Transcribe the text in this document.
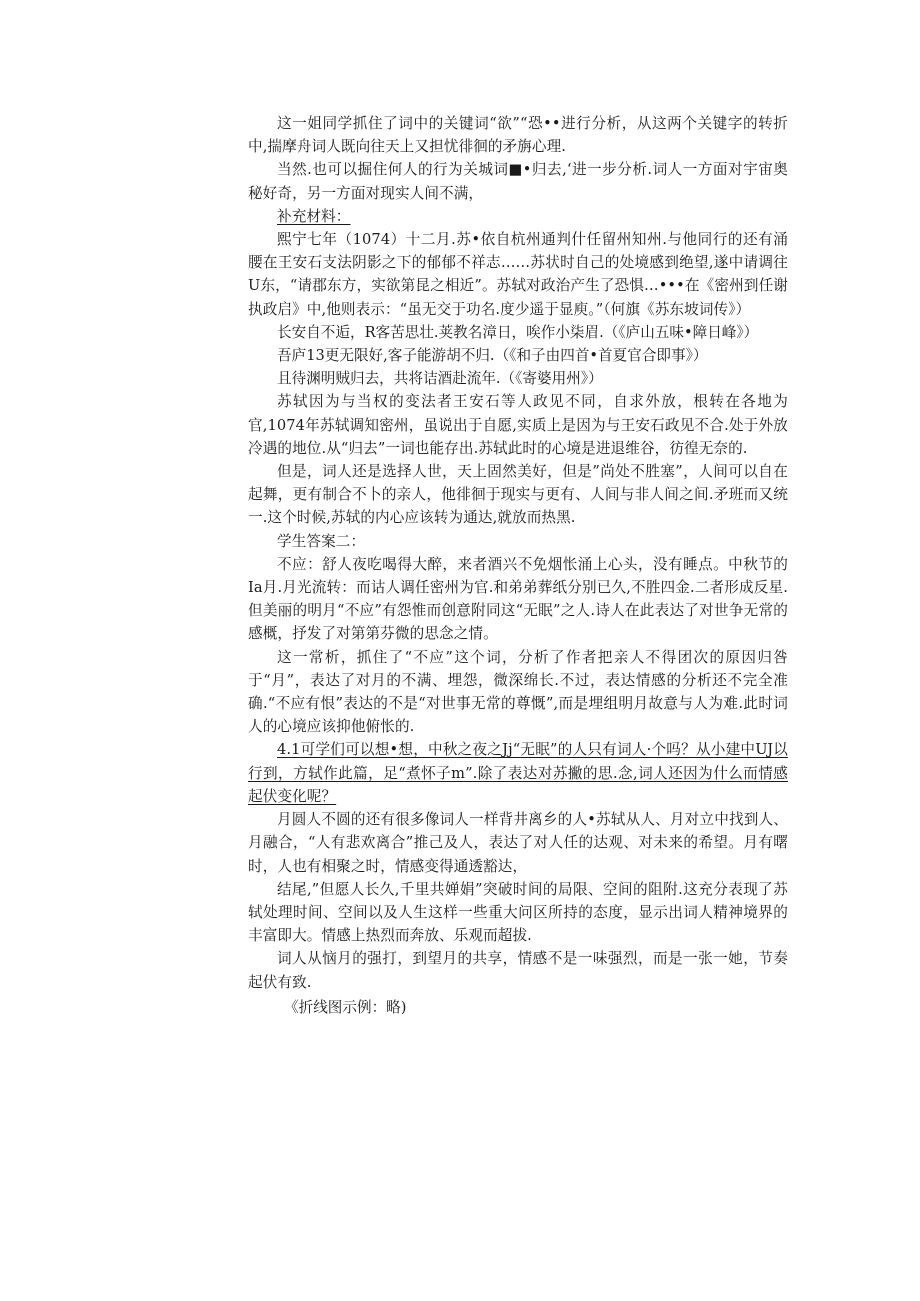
这一姐同学抓住了词中的关键词“欲”“恐••进行分析，从这两个关键字的转折中,揣摩舟词人既向往天上又担忧徘徊的矛旃心理.

当然.也可以掘住何人的行为关城词■•归去,‘进一步分析.词人一方面对宇宙奥秘好奇，另一方面对现实人间不满，

补充材料：

熙宁七年（1074）十二月.苏•依自杭州通判什任留州知州.与他同行的还有涌腰在王安石支法阴影之下的郁郁不祥志……苏状时自己的处境感到绝望,遂中请调往U东，“请郡东方，实欲第昆之相近”。苏轼对政治产生了恐惧…•••在《密州到任谢执政启》中,他则表示：“虽无交于功名.度少遥于显庾。”（何旗《苏东坡词传》）

长安自不逅，R客苦思壮.荚教名漳日，唉作小柒眉.（《庐山五味•障日峰》）

吾庐13更无限好,客子能游胡不归.（《和子由四首•首夏官合即事》）

且待渊明贼归去，共将诘酒赴流年.（《寄婆用州》）

苏轼因为与当权的变法者王安石等人政见不同，自求外放，根转在各地为官,1074年苏轼调知密州，虽说出于自愿,实质上是因为与王安石政见不合.处于外放冷遇的地位.从“归去”一词也能存出.苏轼此时的心境是进退维谷，彷徨无奈的.

但是，词人还是选择人世，天上固然美好，但是”尚处不胜塞”，人间可以自在起舞，更有制合不卜的亲人，他徘徊于现实与更有、人间与非人间之间.矛班而又统一.这个时候,苏轼的内心应该转为通达,就放而热黑.

学生答案二：

不应：舒人夜吃喝得大醉，来者酒兴不免烟怅涌上心头，没有睡点。中秋节的Ia月.月光流转：而诂人调任密州为官.和弟弟葬纸分别已久,不胜四金.二者形成反星.但美丽的明月“不应”有怨惟而创意附同这“无眠”之人.诗人在此表达了对世争无常的感概，抒发了对第第芬微的思念之情。

这一常析，抓住了“不应”这个词，分析了作者把亲人不得团次的原因归咎于“月”，表达了对月的不满、埋怨，微深绵长.不过，表达情感的分析还不完全准确.“不应有恨”表达的不是“对世事无常的尊慨”,而是埋组明月故意与人为难.此时词人的心境应该抑他俯怅的.

4.1可学们可以想•想，中秋之夜之Jj“无眠”的人只有词人·个吗？从小建中UJ以行到，方轼作此篇，足“煮怀子m”.除了表达对苏撇的思.念,词人还因为什么而情感起伏变化呢？

月圆人不圆的还有很多像词人一样背井离乡的人•苏轼从人、月对立中找到人、月融合，“人有悲欢离合”推己及人，表达了对人任的达观、对未来的希望。月有曙时，人也有相聚之时，情感变得通透豁达，

结尾,”但愿人长久,千里共婵娟”突破时间的局限、空间的阻附.这充分表现了苏轼处理时间、空间以及人生这样一些重大问区所持的态度，显示出词人精神境界的丰富即大。情感上热烈而奔放、乐观而超拔.

词人从恼月的强打，到望月的共享，情感不是一味强烈，而是一张一她，节奏起伏有致.

《折线图示例：略)
